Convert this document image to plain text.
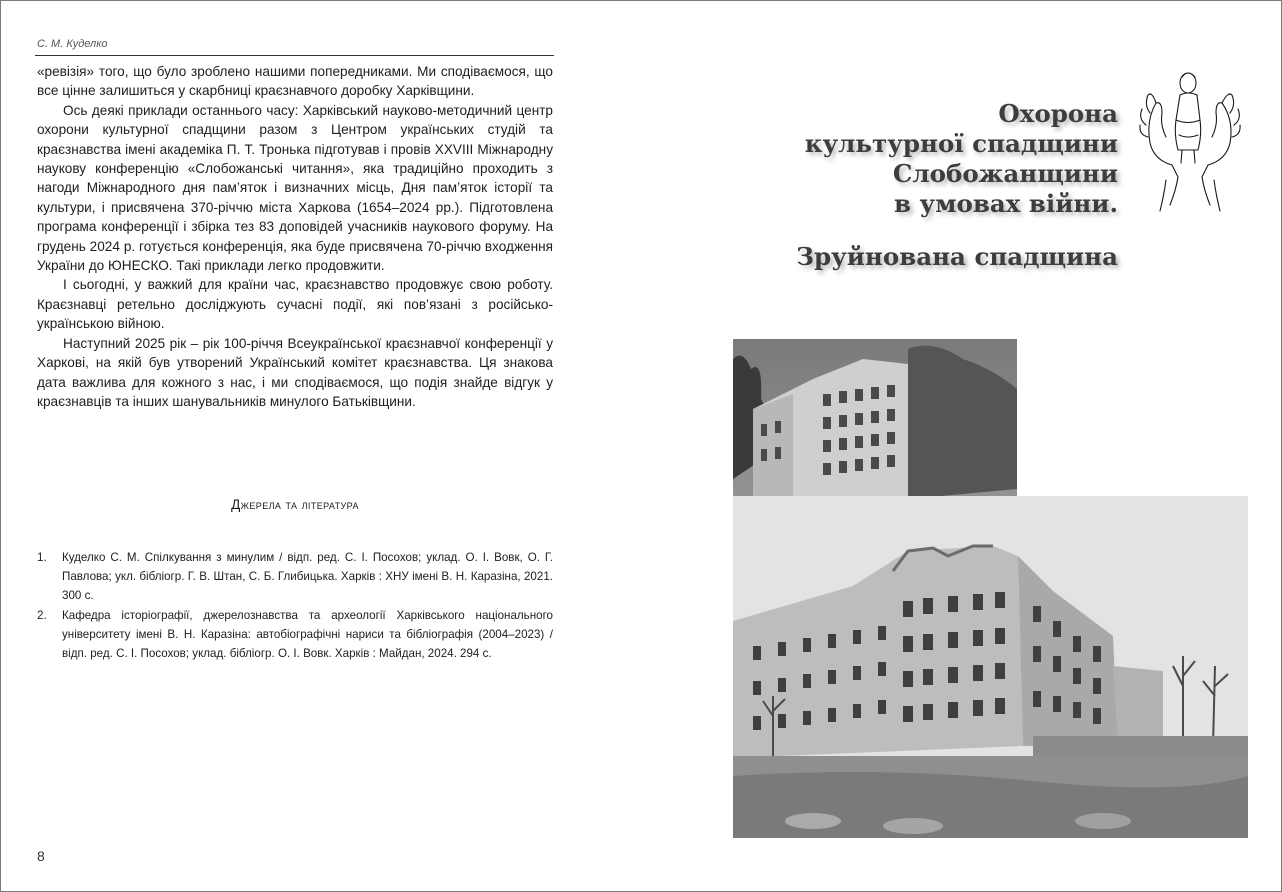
С. М. Куделко

«ревізія» того, що було зроблено нашими попередниками. Ми сподіваємося, що все цінне залишиться у скарбниці краєзнавчого доробку Харківщини.

Ось деякі приклади останнього часу: Харківський науково-методичний центр охорони культурної спадщини разом з Центром українських студій та краєзнавства імені академіка П. Т. Тронька підготував і провів XXVIII Міжнародну наукову конференцію «Слобожанські читання», яка традиційно проходить з нагоди Міжнародного дня пам’яток і визначних місць, Дня пам’яток історії та культури, і присвячена 370-річчю міста Харкова (1654–2024 рр.). Підготовлена програма конференції і збірка тез 83 доповідей учасників наукового форуму. На грудень 2024 р. готується конференція, яка буде присвячена 70-річчю входження України до ЮНЕСКО. Такі приклади легко продовжити.

І сьогодні, у важкий для країни час, краєзнавство продовжує свою роботу. Краєзнавці ретельно досліджують сучасні події, які пов’язані з російсько-українською війною.

Наступний 2025 рік – рік 100-річчя Всеукраїнської краєзнавчої конференції у Харкові, на якій був утворений Український комітет краєзнавства. Ця знакова дата важлива для кожного з нас, і ми сподіваємося, що подія знайде відгук у краєзнавців та інших шанувальників минулого Батьківщини.

Джерела та література
1. Куделко С. М. Спілкування з минулим / відп. ред. С. І. Посохов; уклад. О. І. Вовк, О. Г. Павлова; укл. бібліогр. Г. В. Штан, С. Б. Глибицька. Харків : ХНУ імені В. Н. Каразіна, 2021. 300 с.
2. Кафедра історіографії, джерелознавства та археології Харківського національного університету імені В. Н. Каразіна: автобіографічні нариси та бібліографія (2004–2023) / відп. ред. С. І. Посохов; уклад. бібліогр. О. І. Вовк. Харків : Майдан, 2024. 294 с.
8
Охорона
культурної спадщини
Слобожанщини
в умовах війни.
Зруйнована спадщина
